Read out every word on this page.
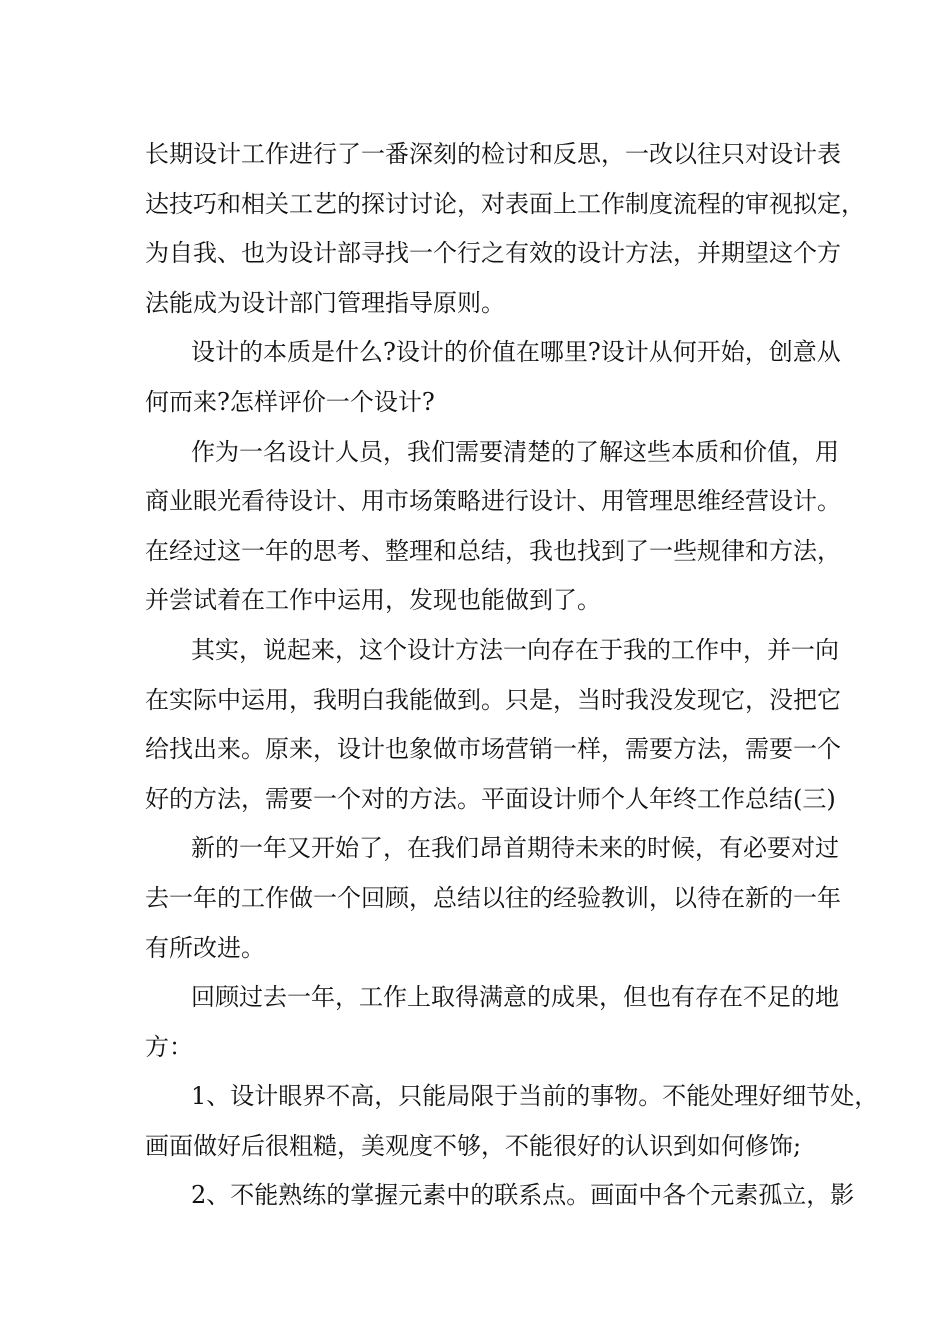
长期设计工作进行了一番深刻的检讨和反思，一改以往只对设计表

达技巧和相关工艺的探讨讨论，对表面上工作制度流程的审视拟定，

为自我、也为设计部寻找一个行之有效的设计方法，并期望这个方

法能成为设计部门管理指导原则。

设计的本质是什么?设计的价值在哪里?设计从何开始，创意从

何而来?怎样评价一个设计?

作为一名设计人员，我们需要清楚的了解这些本质和价值，用

商业眼光看待设计、用市场策略进行设计、用管理思维经营设计。

在经过这一年的思考、整理和总结，我也找到了一些规律和方法，

并尝试着在工作中运用，发现也能做到了。

其实，说起来，这个设计方法一向存在于我的工作中，并一向

在实际中运用，我明白我能做到。只是，当时我没发现它，没把它

给找出来。原来，设计也象做市场营销一样，需要方法，需要一个

好的方法，需要一个对的方法。平面设计师个人年终工作总结(三)

新的一年又开始了，在我们昂首期待未来的时候，有必要对过

去一年的工作做一个回顾，总结以往的经验教训，以待在新的一年

有所改进。

回顾过去一年，工作上取得满意的成果，但也有存在不足的地

方：

1、设计眼界不高，只能局限于当前的事物。不能处理好细节处，

画面做好后很粗糙，美观度不够，不能很好的认识到如何修饰;

2、不能熟练的掌握元素中的联系点。画面中各个元素孤立，影
